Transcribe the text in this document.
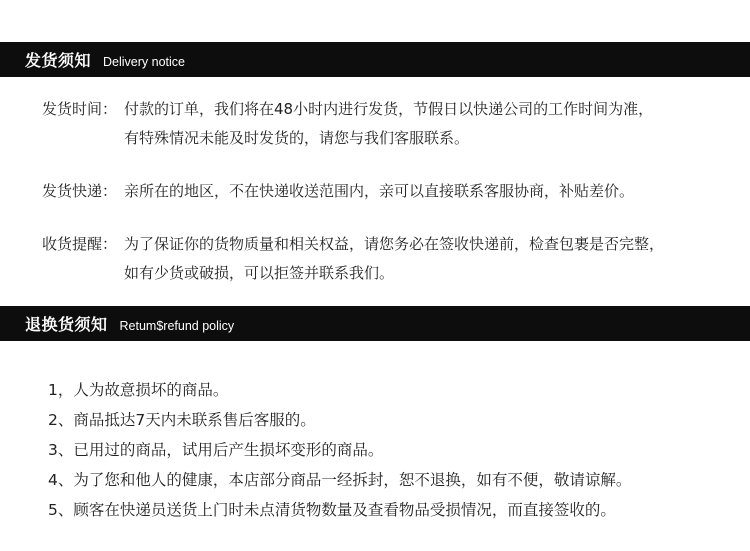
发货须知 Delivery notice
发货时间： 付款的订单，我们将在48小时内进行发货，节假日以快递公司的工作时间为准，
有特殊情况未能及时发货的，请您与我们客服联系。
发货快递： 亲所在的地区，不在快递收送范围内，亲可以直接联系客服协商，补贴差价。
收货提醒： 为了保证你的货物质量和相关权益，请您务必在签收快递前，检查包裹是否完整，
如有少货或破损，可以拒签并联系我们。
退换货须知 Retum$refund policy
1，人为故意损坏的商品。
2、商品抵达7天内未联系售后客服的。
3、已用过的商品，试用后产生损坏变形的商品。
4、为了您和他人的健康，本店部分商品一经拆封，恕不退换，如有不便，敬请谅解。
5、顾客在快递员送货上门时未点清货物数量及查看物品受损情况，而直接签收的。
